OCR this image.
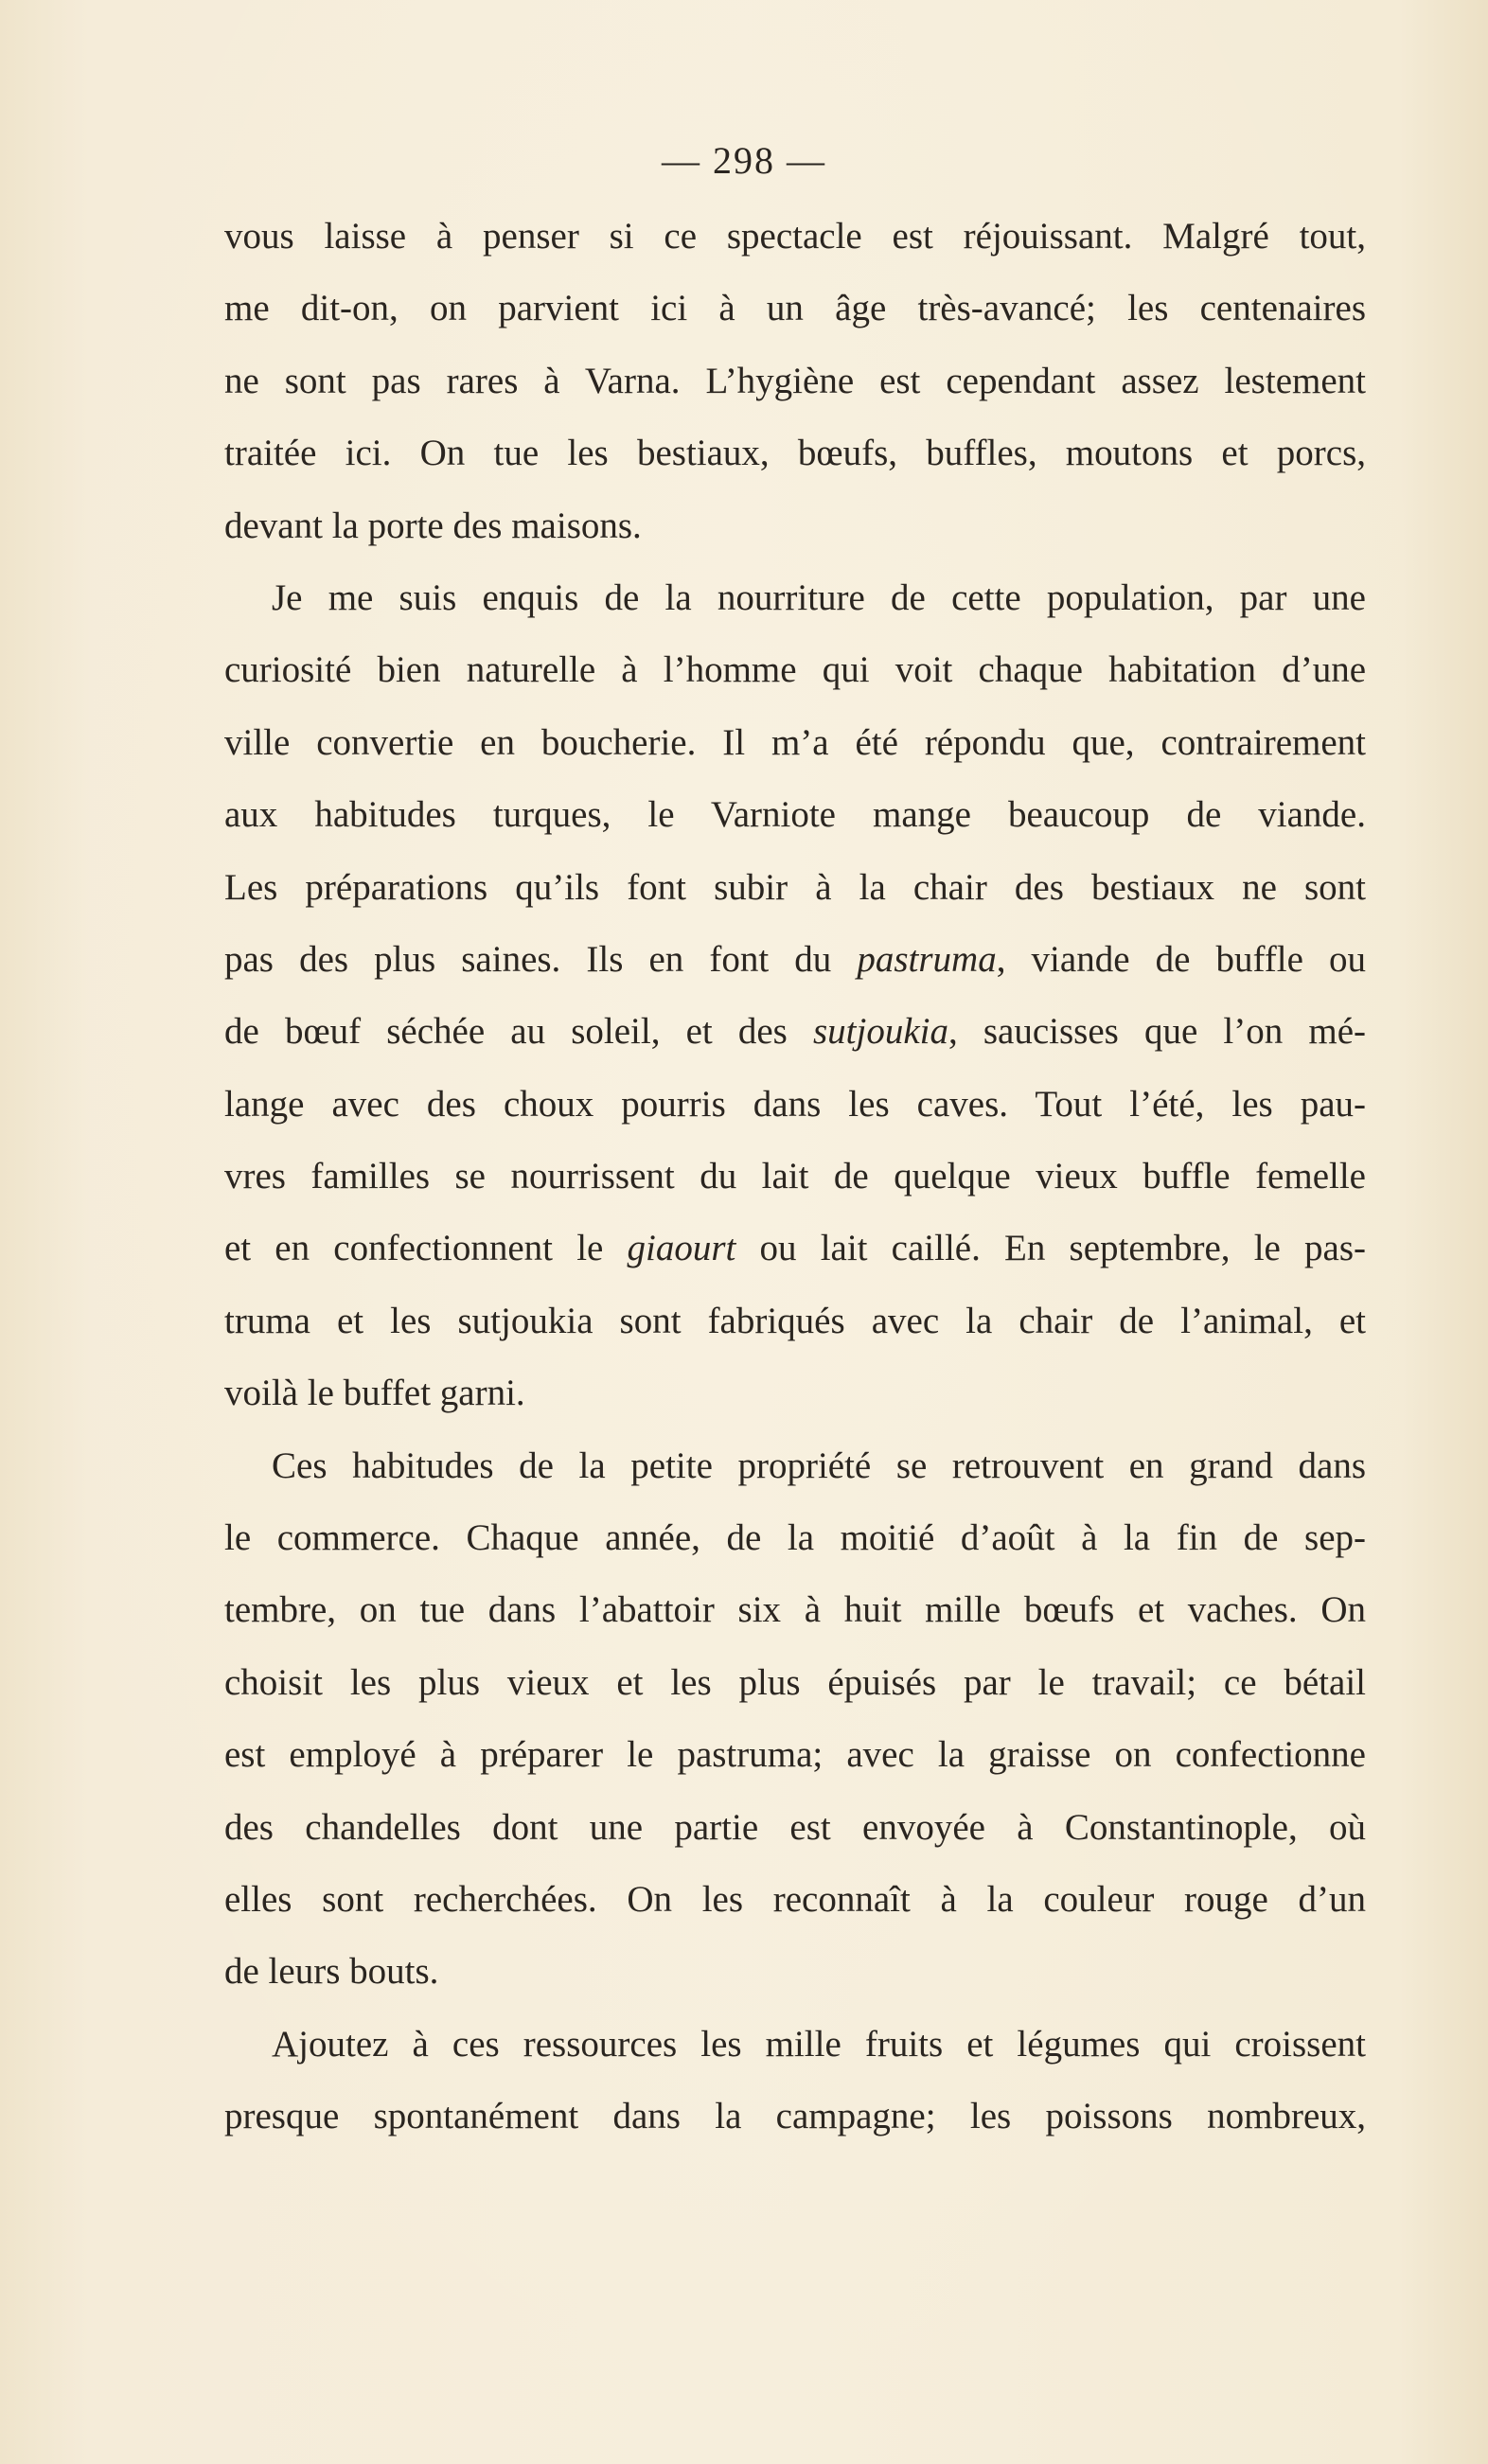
— 298 —
vous laisse à penser si ce spectacle est réjouissant. Malgré tout,
me dit-on, on parvient ici à un âge très-avancé; les centenaires
ne sont pas rares à Varna. L’hygiène est cependant assez lestement
traitée ici. On tue les bestiaux, bœufs, buffles, moutons et porcs,
devant la porte des maisons.
Je me suis enquis de la nourriture de cette population, par une
curiosité bien naturelle à l’homme qui voit chaque habitation d’une
ville convertie en boucherie. Il m’a été répondu que, contrairement
aux habitudes turques, le Varniote mange beaucoup de viande.
Les préparations qu’ils font subir à la chair des bestiaux ne sont
pas des plus saines. Ils en font du pastruma, viande de buffle ou
de bœuf séchée au soleil, et des sutjoukia, saucisses que l’on mé-
lange avec des choux pourris dans les caves. Tout l’été, les pau-
vres familles se nourrissent du lait de quelque vieux buffle femelle
et en confectionnent le giaourt ou lait caillé. En septembre, le pas-
truma et les sutjoukia sont fabriqués avec la chair de l’animal, et
voilà le buffet garni.
Ces habitudes de la petite propriété se retrouvent en grand dans
le commerce. Chaque année, de la moitié d’août à la fin de sep-
tembre, on tue dans l’abattoir six à huit mille bœufs et vaches. On
choisit les plus vieux et les plus épuisés par le travail; ce bétail
est employé à préparer le pastruma; avec la graisse on confectionne
des chandelles dont une partie est envoyée à Constantinople, où
elles sont recherchées. On les reconnaît à la couleur rouge d’un
de leurs bouts.
Ajoutez à ces ressources les mille fruits et légumes qui croissent
presque spontanément dans la campagne; les poissons nombreux,
